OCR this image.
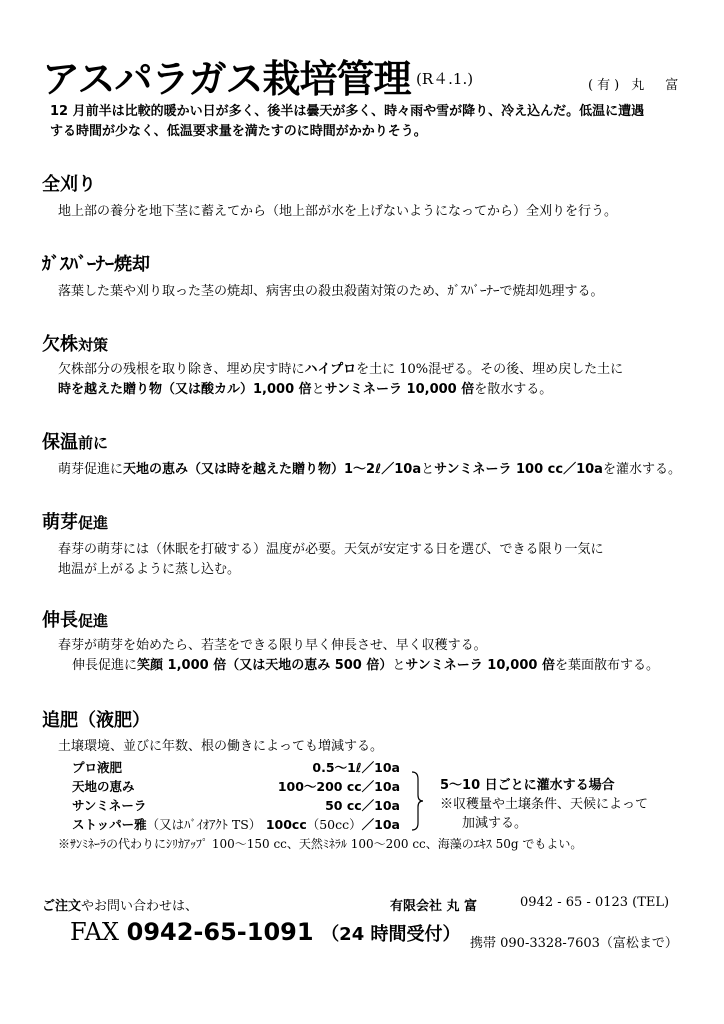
アスパラガス栽培管理 (R４.1.)	(有) 丸　富
12 月前半は比較的暖かい日が多く、後半は曇天が多く、時々雨や雪が降り、冷え込んだ。低温に遭遇
する時間が少なく、低温要求量を満たすのに時間がかかりそう。
全刈り
地上部の養分を地下茎に蓄えてから（地上部が水を上げないようになってから）全刈りを行う。
ｶﾞｽﾊﾞｰﾅｰ焼却
落葉した葉や刈り取った茎の焼却、病害虫の殺虫殺菌対策のため、ｶﾞｽﾊﾞｰﾅｰで焼却処理する。
欠株対策
欠株部分の残根を取り除き、埋め戻す時にハイプロを土に 10%混ぜる。その後、埋め戻した土に
時を越えた贈り物（又は酸カル）1,000 倍とサンミネーラ 10,000 倍を散水する。
保温前に
萌芽促進に天地の恵み（又は時を越えた贈り物）1～2ℓ／10aとサンミネーラ 100 cc／10aを灌水する。
萌芽促進
春芽の萌芽には（休眠を打破する）温度が必要。天気が安定する日を選び、できる限り一気に
地温が上がるように蒸し込む。
伸長促進
春芽が萌芽を始めたら、若茎をできる限り早く伸長させ、早く収穫する。
伸長促進に笑顔 1,000 倍（又は天地の恵み 500 倍）とサンミネーラ 10,000 倍を葉面散布する。
追肥（液肥）
土壌環境、並びに年数、根の働きによっても増減する。
プロ液肥	0.5～1ℓ／10a
天地の恵み	100～200 cc／10a
サンミネーラ	50 cc／10a
ストッパー雅（又はﾊﾞｲｵｱｸﾄ TS） 100cc（50cc）／10a
5～10 日ごとに灌水する場合
※収穫量や土壌条件、天候によって
加減する。
※ｻﾝﾐﾈｰﾗの代わりにｼﾘｶｱｯﾌﾟ 100～150 cc、天然ﾐﾈﾗﾙ 100～200 cc、海藻のｴｷｽ 50g でもよい。
ご注文やお問い合わせは、	有限会社 丸 富	0942 - 65 - 0123 (TEL)
FAX 0942-65-1091 （24 時間受付） 携帯 090-3328-7603（富松まで）
